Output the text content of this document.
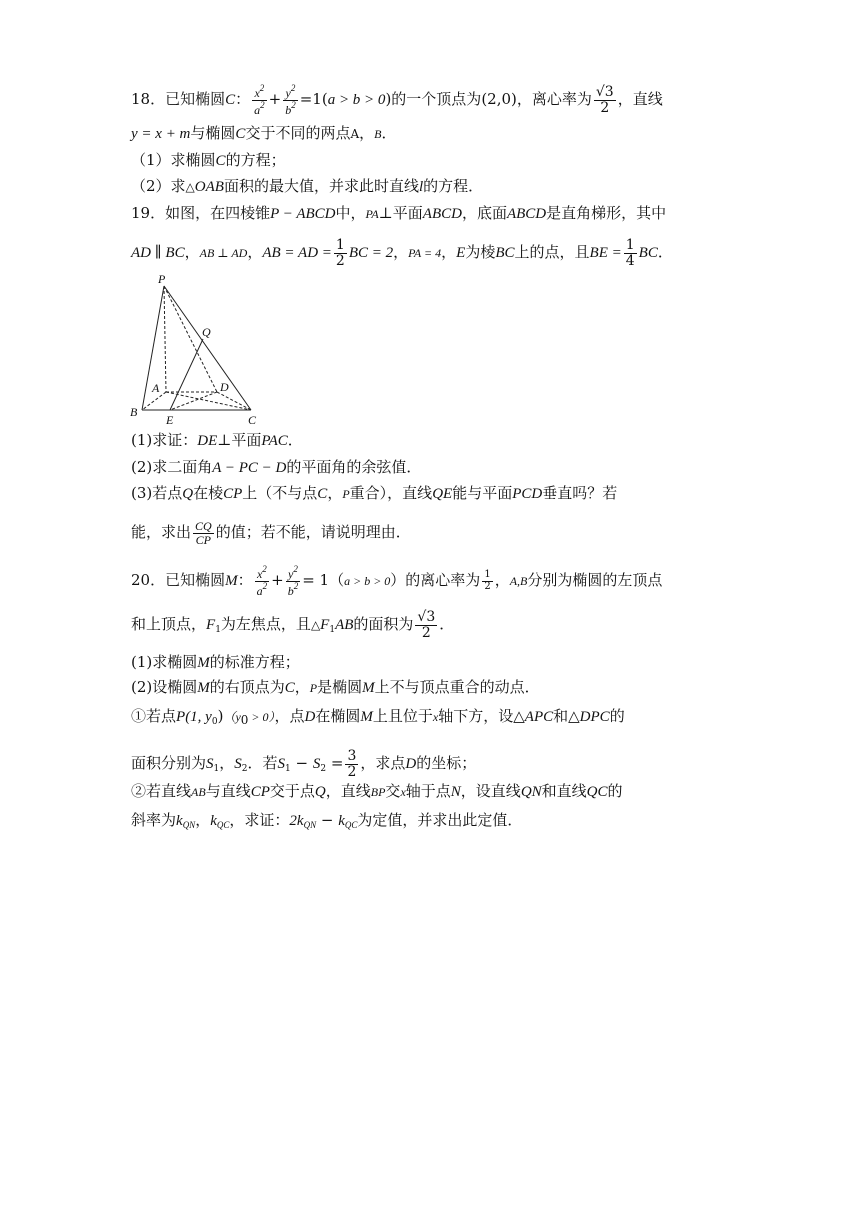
18．已知椭圆C： $\frac{x^2}{a^2} + \frac{y^2}{b^2} =1(a > b > 0)$的一个顶点为(2,0)，离心率为 $\frac{√3}{2}$ ，直线
y = x + m与椭圆C交于不同的两点A，B．
（1）求椭圆C的方程；
（2）求△OAB面积的最大值，并求此时直线l的方程．
19．如图，在四棱锥P − ABCD中，PA⊥平面ABCD，底面ABCD是直角梯形，其中
AD ∥ BC，AB ⊥ AD，AB = AD = $\frac{1}{2}$ BC = 2，PA = 4，E为棱BC上的点，且BE = $\frac{1}{4}$ BC．
P
Q
A	D
B
E	C
(1)求证：DE⊥平面PAC．
(2)求二面角A − PC − D的平面角的余弦值．
(3)若点Q在棱CP上（不与点C，P重合），直线QE能与平面PCD垂直吗？若
能，求出 $\frac{CQ}{CP}$ 的值；若不能，请说明理由．
20．已知椭圆M： $\frac{x^2}{a^2} + \frac{y^2}{b^2} = 1(a > b > 0)$的离心率为 $\frac{1}{2}$ ，A,B分别为椭圆的左顶点
和上顶点，$F_1$为左焦点，且$\triangle F_1AB$的面积为 $\frac{√3}{2}$ ．
(1)求椭圆M的标准方程；
(2)设椭圆M的右顶点为C，P是椭圆M上不与顶点重合的动点．
①若点P(1, $y_0)(y_0 > 0)$，点D在椭圆M上且位于x轴下方，设△APC和△DPC的
面积分别为$S_1$，$S_2$．若$S_1 - S_2 = \frac{3}{2}$ ，求点D的坐标；
②若直线AB与直线CP交于点Q，直线BP交x轴于点N，设直线QN和直线QC的
斜率为$k_{QN}$，$k_{QC}$，求证：$2k_{QN} - k_{QC}$为定值，并求出此定值．
